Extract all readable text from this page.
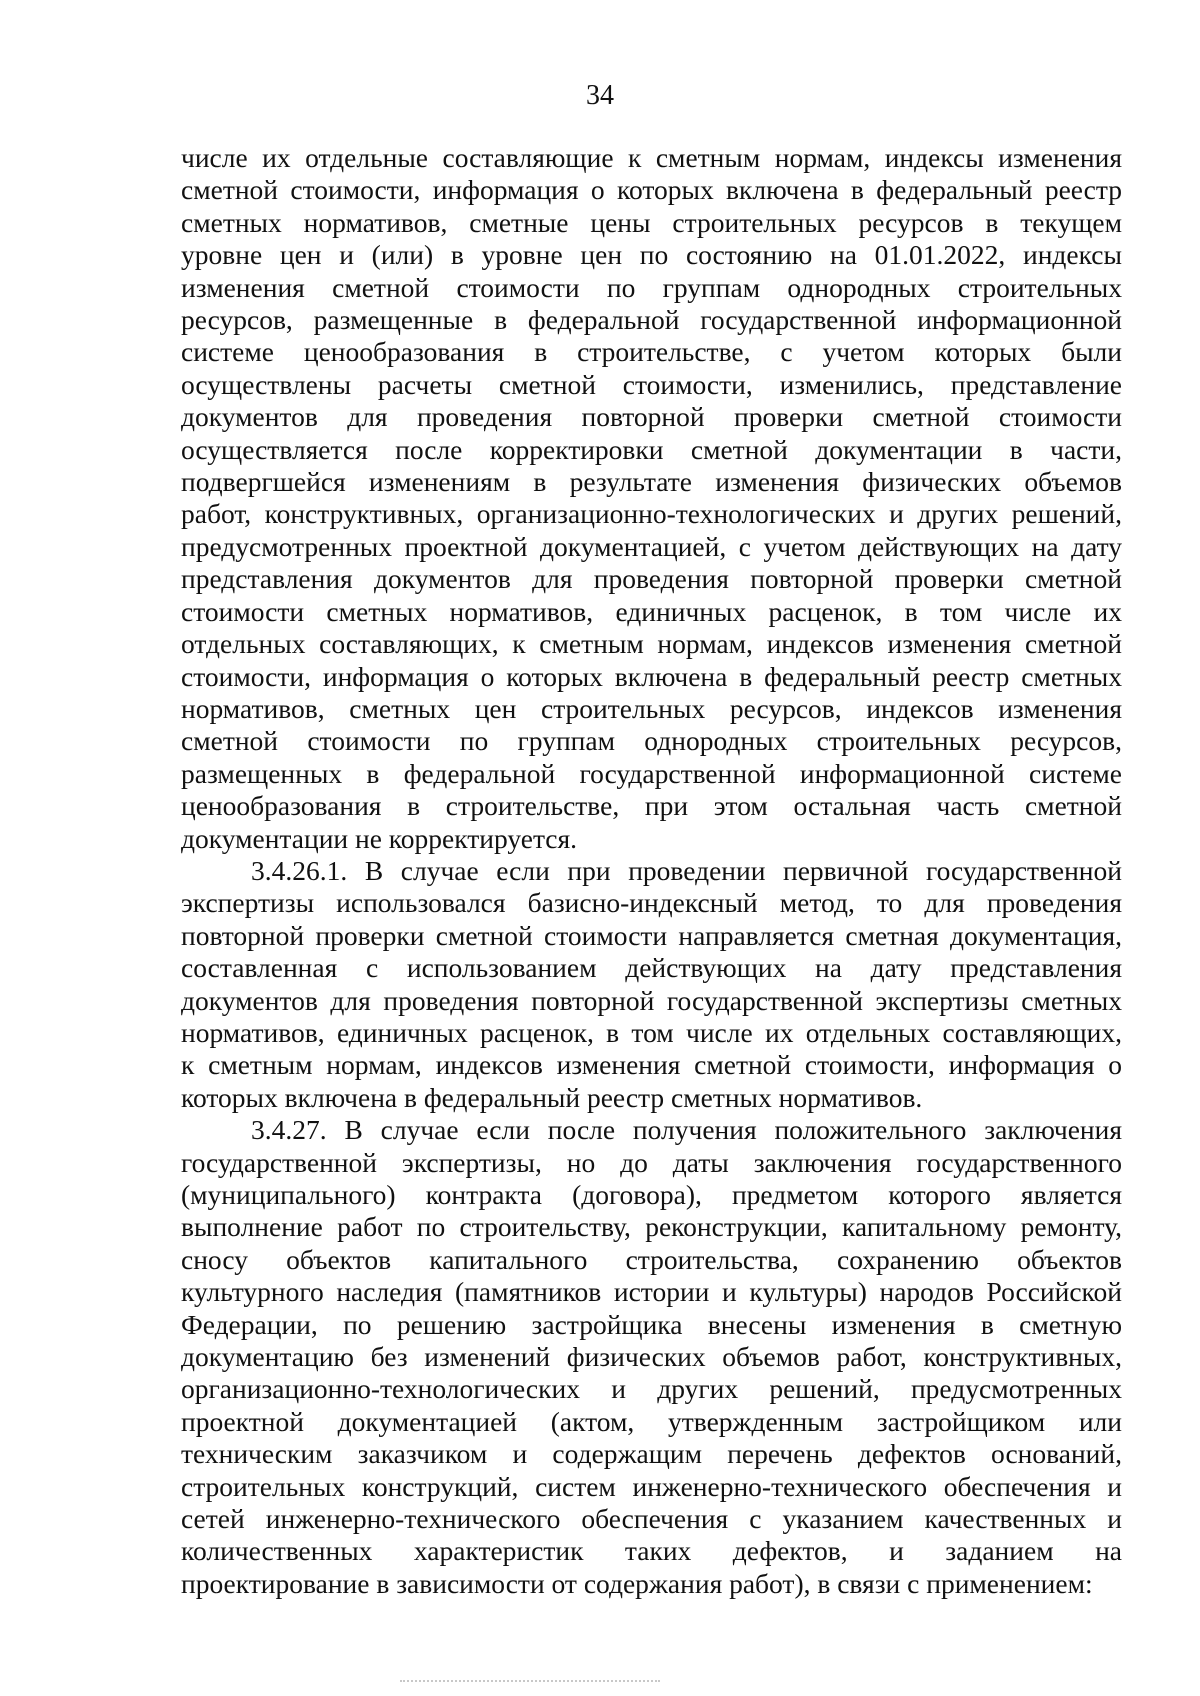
34
числе их отдельные составляющие к сметным нормам, индексы изменения
сметной стоимости, информация о которых включена в федеральный реестр
сметных нормативов, сметные цены строительных ресурсов в текущем
уровне цен и (или) в уровне цен по состоянию на 01.01.2022, индексы
изменения сметной стоимости по группам однородных строительных
ресурсов, размещенные в федеральной государственной информационной
системе ценообразования в строительстве, с учетом которых были
осуществлены расчеты сметной стоимости, изменились, представление
документов для проведения повторной проверки сметной стоимости
осуществляется после корректировки сметной документации в части,
подвергшейся изменениям в результате изменения физических объемов
работ, конструктивных, организационно-технологических и других решений,
предусмотренных проектной документацией, с учетом действующих на дату
представления документов для проведения повторной проверки сметной
стоимости сметных нормативов, единичных расценок, в том числе их
отдельных составляющих, к сметным нормам, индексов изменения сметной
стоимости, информация о которых включена в федеральный реестр сметных
нормативов, сметных цен строительных ресурсов, индексов изменения
сметной стоимости по группам однородных строительных ресурсов,
размещенных в федеральной государственной информационной системе
ценообразования в строительстве, при этом остальная часть сметной
документации не корректируется.
3.4.26.1. В случае если при проведении первичной государственной
экспертизы использовался базисно-индексный метод, то для проведения
повторной проверки сметной стоимости направляется сметная документация,
составленная с использованием действующих на дату представления
документов для проведения повторной государственной экспертизы сметных
нормативов, единичных расценок, в том числе их отдельных составляющих,
к сметным нормам, индексов изменения сметной стоимости, информация о
которых включена в федеральный реестр сметных нормативов.
3.4.27. В случае если после получения положительного заключения
государственной экспертизы, но до даты заключения государственного
(муниципального) контракта (договора), предметом которого является
выполнение работ по строительству, реконструкции, капитальному ремонту,
сносу объектов капитального строительства, сохранению объектов
культурного наследия (памятников истории и культуры) народов Российской
Федерации, по решению застройщика внесены изменения в сметную
документацию без изменений физических объемов работ, конструктивных,
организационно-технологических и других решений, предусмотренных
проектной документацией (актом, утвержденным застройщиком или
техническим заказчиком и содержащим перечень дефектов оснований,
строительных конструкций, систем инженерно-технического обеспечения и
сетей инженерно-технического обеспечения с указанием качественных и
количественных характеристик таких дефектов, и заданием на
проектирование в зависимости от содержания работ), в связи с применением:
